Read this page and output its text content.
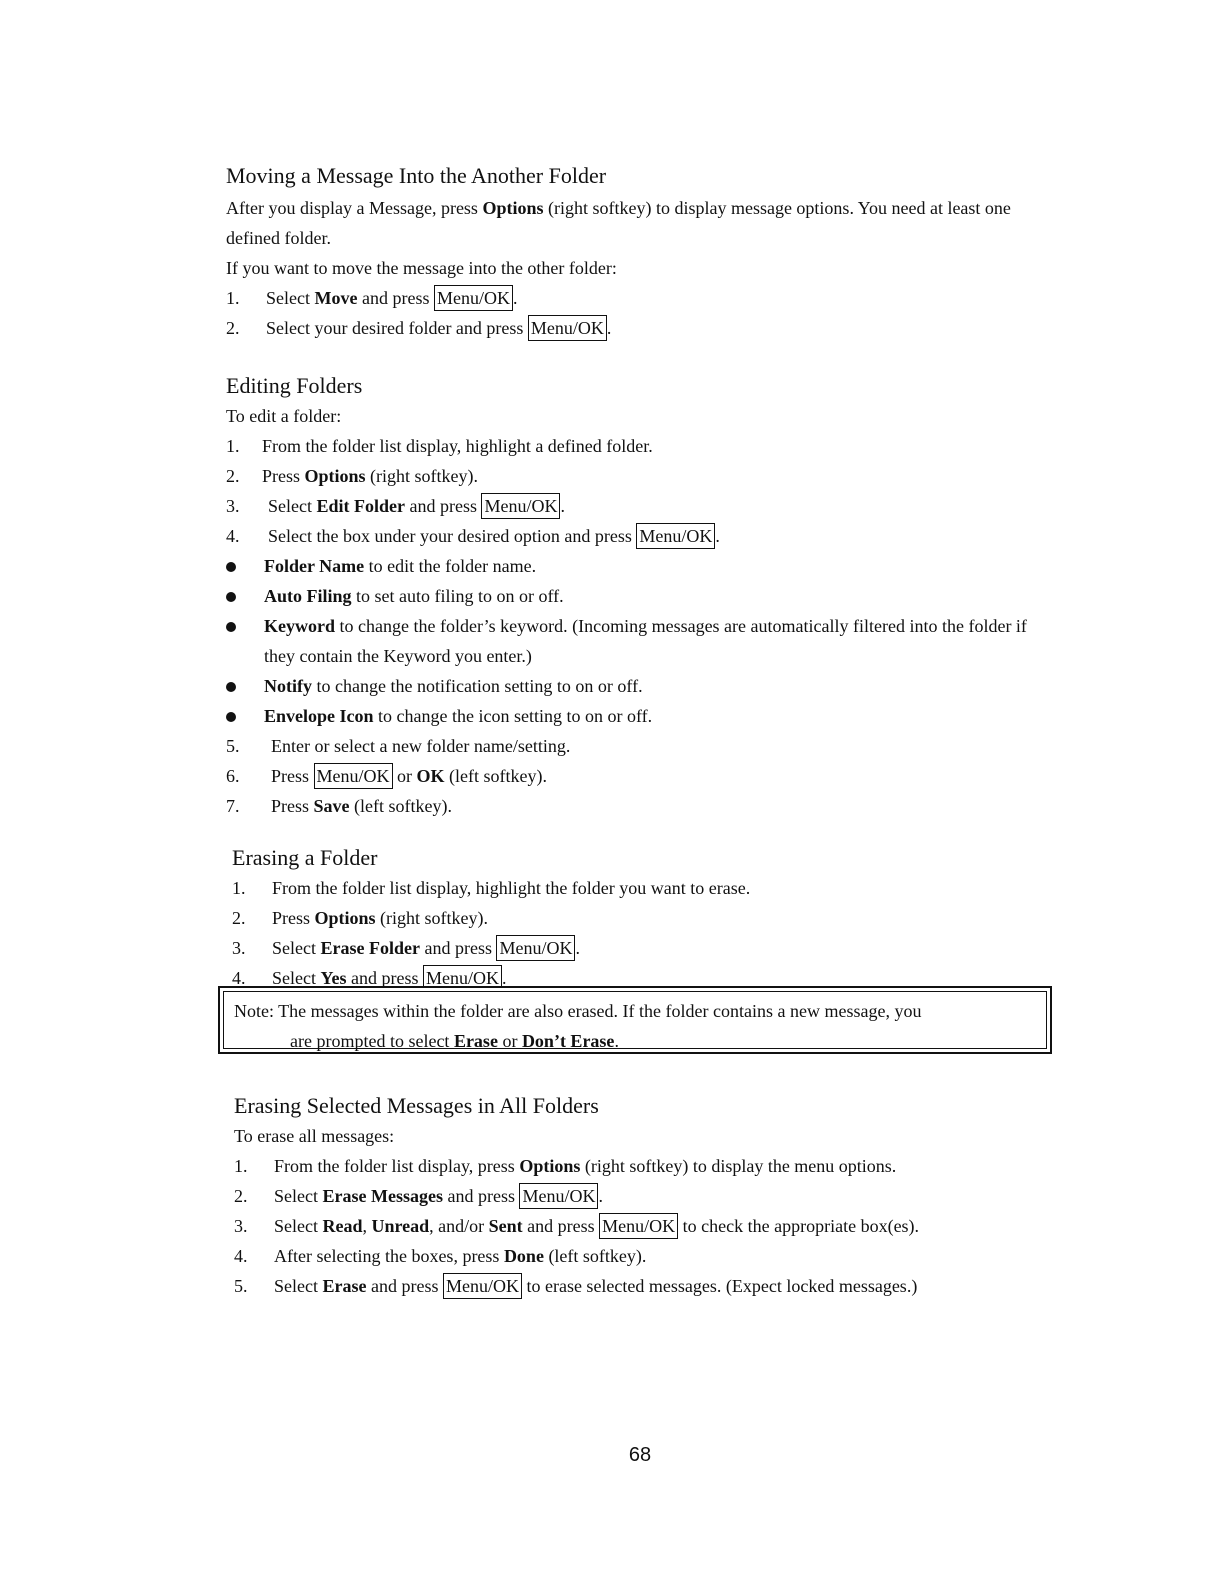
Moving a Message Into the Another Folder

After you display a Message, press Options (right softkey) to display message options. You need at least one defined folder.

If you want to move the message into the other folder:

1.	Select Move and press Menu/OK .
2.	Select your desired folder and press Menu/OK .
Editing Folders

To edit a folder:

1.	From the folder list display, highlight a defined folder.
2.	Press Options (right softkey).
3.	Select Edit Folder and press Menu/OK .
4.	Select the box under your desired option and press Menu/OK .
Folder Name to edit the folder name.
Auto Filing to set auto filing to on or off.
Keyword to change the folder’s keyword. (Incoming messages are automatically filtered into the folder if they contain the Keyword you enter.)
Notify to change the notification setting to on or off.
Envelope Icon to change the icon setting to on or off.
5.	Enter or select a new folder name/setting.
6.	Press Menu/OK or OK (left softkey).
7.	Press Save (left softkey).
Erasing a Folder
1.	From the folder list display, highlight the folder you want to erase.
2.	Press Options (right softkey).
3.	Select Erase Folder and press Menu/OK .
4.	Select Yes and press Menu/OK .
Note: The messages within the folder are also erased. If the folder contains a new message, you
are prompted to select Erase or Don’t Erase.
Erasing Selected Messages in All Folders

To erase all messages:

1.	From the folder list display, press Options (right softkey) to display the menu options.
2.	Select Erase Messages and press Menu/OK .
3.	Select Read, Unread, and/or Sent and press Menu/OK to check the appropriate box(es).
4.	After selecting the boxes, press Done (left softkey).
5.	Select Erase and press Menu/OK to erase selected messages. (Expect locked messages.)
68
